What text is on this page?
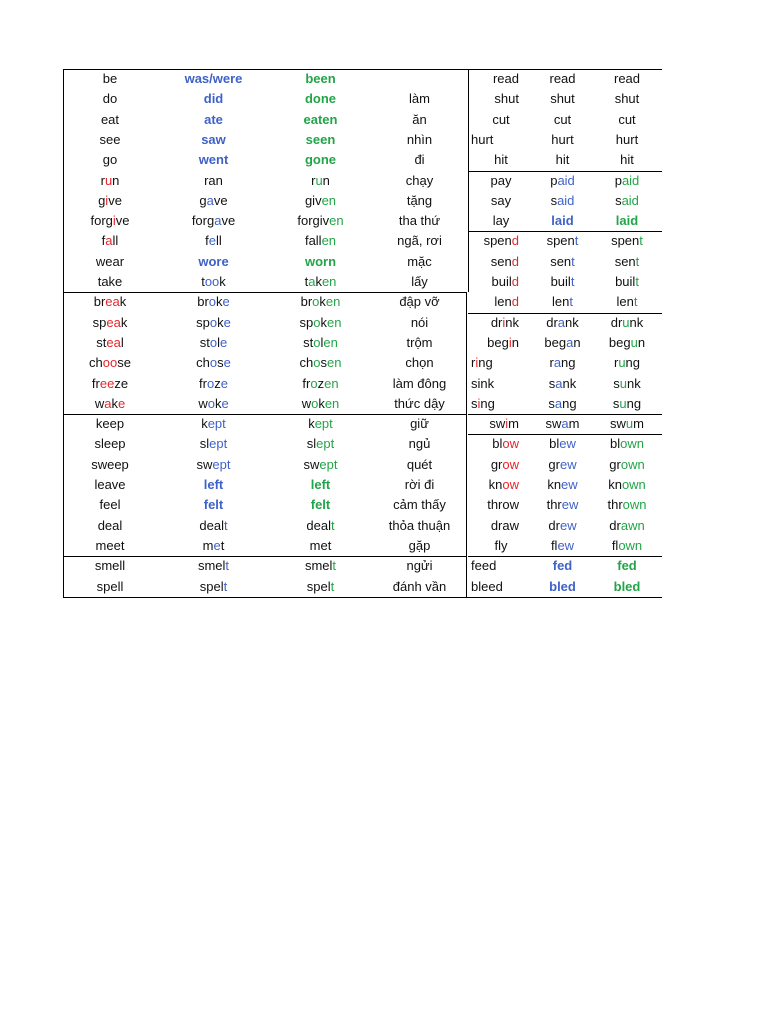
be	was/were	been
do	did	done	làm
eat	ate	eaten	ăn
see	saw	seen	nhìn
go	went	gone	đi
run	ran	run	chạy
give	gave	given	tặng
forgive	forgave	forgiven	tha thứ
fall	fell	fallen	ngã, rơi
wear	wore	worn	mặc
take	took	taken	lấy
break	broke	broken	đập vỡ
speak	spoke	spoken	nói
steal	stole	stolen	trộm
choose	chose	chosen	chọn
freeze	froze	frozen	làm đông
wake	woke	woken	thức dậy
keep	kept	kept	giữ
sleep	slept	slept	ngủ
sweep	swept	swept	quét
leave	left	left	rời đi
feel	felt	felt	cảm thấy
deal	dealt	dealt	thỏa thuận
meet	met	met	gặp
smell	smelt	smelt	ngửi
spell	spelt	spelt	đánh vần
read	read	read
shut	shut	shut
cut	cut	cut
hurt	hurt	hurt
hit	hit	hit
pay	paid	paid
say	said	said
lay	laid	laid
spend	spent	spent
send	sent	sent
build	built	built
lend	lent	lent
drink	drank	drunk
begin	began	begun
ring	rang	rung
sink	sank	sunk
sing	sang	sung
swim	swam	swum
blow	blew	blown
grow	grew	grown
know	knew	known
throw	threw	thrown
draw	drew	drawn
fly	flew	flown
feed	fed	fed
bleed	bled	bled
